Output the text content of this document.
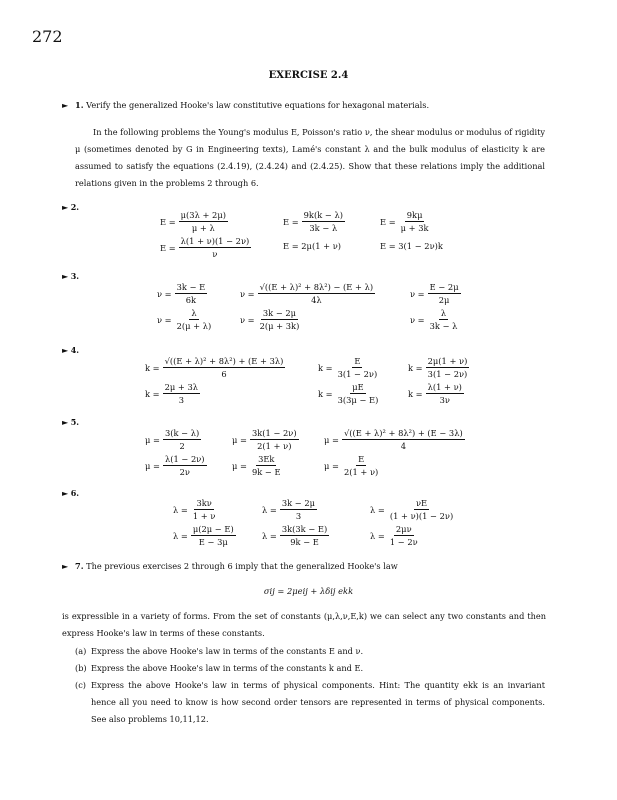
272
EXERCISE 2.4
► 1. Verify the generalized Hooke's law constitutive equations for hexagonal materials.
In the following problems the Young's modulus E, Poisson's ratio ν, the shear modulus or modulus of rigidity μ (sometimes denoted by G in Engineering texts), Lamé's constant λ and the bulk modulus of elasticity k are assumed to satisfy the equations (2.4.19), (2.4.24) and (2.4.25). Show that these relations imply the additional relations given in the problems 2 through 6.
► 2.
$E = \frac{\mu(3\lambda + 2\mu)}{\mu + \lambda}$	$E = \frac{9k(k - \lambda)}{3k - \lambda}$	$E = \frac{9k\mu}{\mu + 3k}$
$E = \frac{\lambda(1 + \nu)(1 - 2\nu)}{\nu}$	E = 2μ(1 + ν)	E = 3(1 − 2ν)k
► 3.
$\nu = \frac{3k - E}{6k}$	$\nu = \frac{\text{√((E + λ)² + 8λ²) − (E + λ)}}{4\lambda}$	$\nu = \frac{E - 2\mu}{2\mu}$
$\nu = \frac{\lambda}{2(\mu + \lambda)}$	$\nu = \frac{3k - 2\mu}{2(\mu + 3k)}$	$\nu = \frac{\lambda}{3k - \lambda}$
► 4.
$k = \frac{\text{√((E + λ)² + 8λ²) + (E + 3λ)}}{6}$	$k = \frac{E}{3(1 - 2\nu)}$	$k = \frac{2\mu(1 + \nu)}{3(1 - 2\nu)}$
$k = \frac{2\mu + 3\lambda}{3}$	$k = \frac{\mu E}{3(3\mu - E)}$	$k = \frac{\lambda(1 + \nu)}{3\nu}$
► 5.
$\mu = \frac{3(k - \lambda)}{2}$	$\mu = \frac{3k(1 - 2\nu)}{2(1 + \nu)}$	$\mu = \frac{\text{√((E + λ)² + 8λ²) + (E − 3λ)}}{4}$
$\mu = \frac{\lambda(1 - 2\nu)}{2\nu}$	$\mu = \frac{3Ek}{9k - E}$	$\mu = \frac{E}{2(1 + \nu)}$
► 6.
$\lambda = \frac{3k\nu}{1 + \nu}$	$\lambda = \frac{3k - 2\mu}{3}$	$\lambda = \frac{\nu E}{(1 + \nu)(1 - 2\nu)}$
$\lambda = \frac{\mu(2\mu - E)}{E - 3\mu}$	$\lambda = \frac{3k(3k - E)}{9k - E}$	$\lambda = \frac{2\mu\nu}{1 - 2\nu}$
► 7. The previous exercises 2 through 6 imply that the generalized Hooke's law
σij = 2μeij + λδij ekk
is expressible in a variety of forms. From the set of constants (μ,λ,ν,E,k) we can select any two constants and then express Hooke's law in terms of these constants.
(a) Express the above Hooke's law in terms of the constants E and ν.
(b) Express the above Hooke's law in terms of the constants k and E.
(c) Express the above Hooke's law in terms of physical components. Hint: The quantity ekk is an invariant hence all you need to know is how second order tensors are represented in terms of physical components. See also problems 10,11,12.
